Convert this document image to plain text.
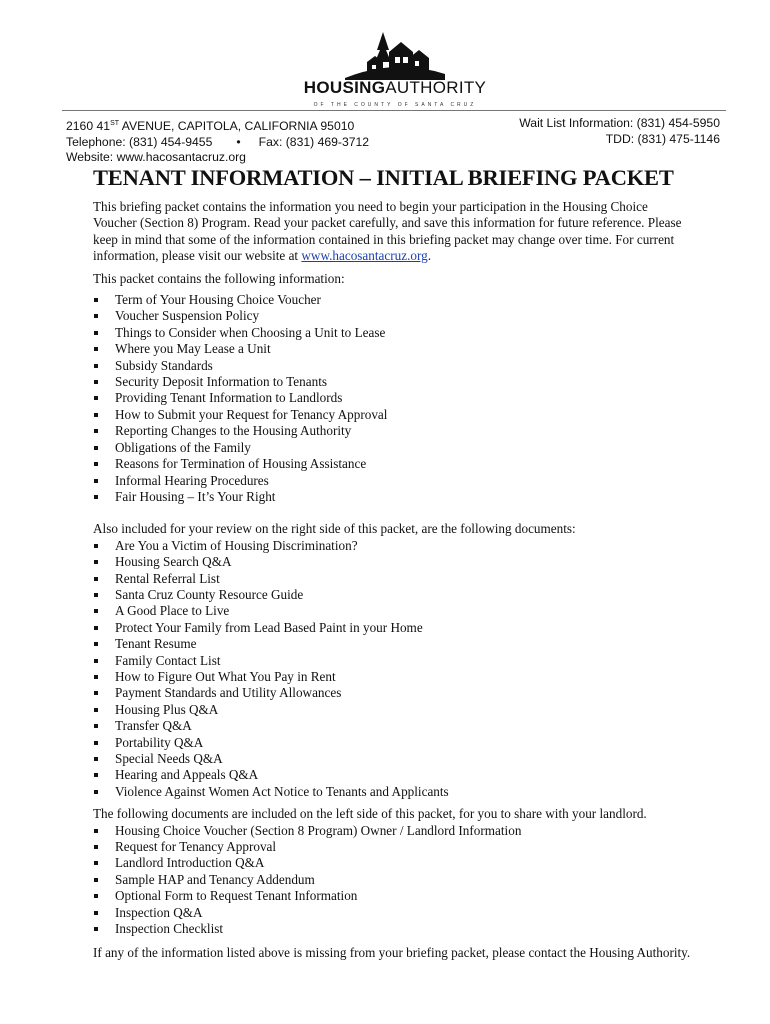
HOUSINGAUTHORITY
OF THE COUNTY OF SANTA CRUZ
2160 41ST AVENUE, CAPITOLA, CALIFORNIA 95010
Telephone: (831) 454-9455 • Fax: (831) 469-3712
Website: www.hacosantacruz.org
Wait List Information: (831) 454-5950
TDD: (831) 475-1146
TENANT INFORMATION – INITIAL BRIEFING PACKET

This briefing packet contains the information you need to begin your participation in the Housing Choice Voucher (Section 8) Program. Read your packet carefully, and save this information for future reference. Please keep in mind that some of the information contained in this briefing packet may change over time. For current information, please visit our website at www.hacosantacruz.org.

This packet contains the following information:

Term of Your Housing Choice Voucher
Voucher Suspension Policy
Things to Consider when Choosing a Unit to Lease
Where you May Lease a Unit
Subsidy Standards
Security Deposit Information to Tenants
Providing Tenant Information to Landlords
How to Submit your Request for Tenancy Approval
Reporting Changes to the Housing Authority
Obligations of the Family
Reasons for Termination of Housing Assistance
Informal Hearing Procedures
Fair Housing – It’s Your Right

Also included for your review on the right side of this packet, are the following documents:

Are You a Victim of Housing Discrimination?
Housing Search Q&A
Rental Referral List
Santa Cruz County Resource Guide
A Good Place to Live
Protect Your Family from Lead Based Paint in your Home
Tenant Resume
Family Contact List
How to Figure Out What You Pay in Rent
Payment Standards and Utility Allowances
Housing Plus Q&A
Transfer Q&A
Portability Q&A
Special Needs Q&A
Hearing and Appeals Q&A
Violence Against Women Act Notice to Tenants and Applicants

The following documents are included on the left side of this packet, for you to share with your landlord.

Housing Choice Voucher (Section 8 Program) Owner / Landlord Information
Request for Tenancy Approval
Landlord Introduction Q&A
Sample HAP and Tenancy Addendum
Optional Form to Request Tenant Information
Inspection Q&A
Inspection Checklist

If any of the information listed above is missing from your briefing packet, please contact the Housing Authority.
